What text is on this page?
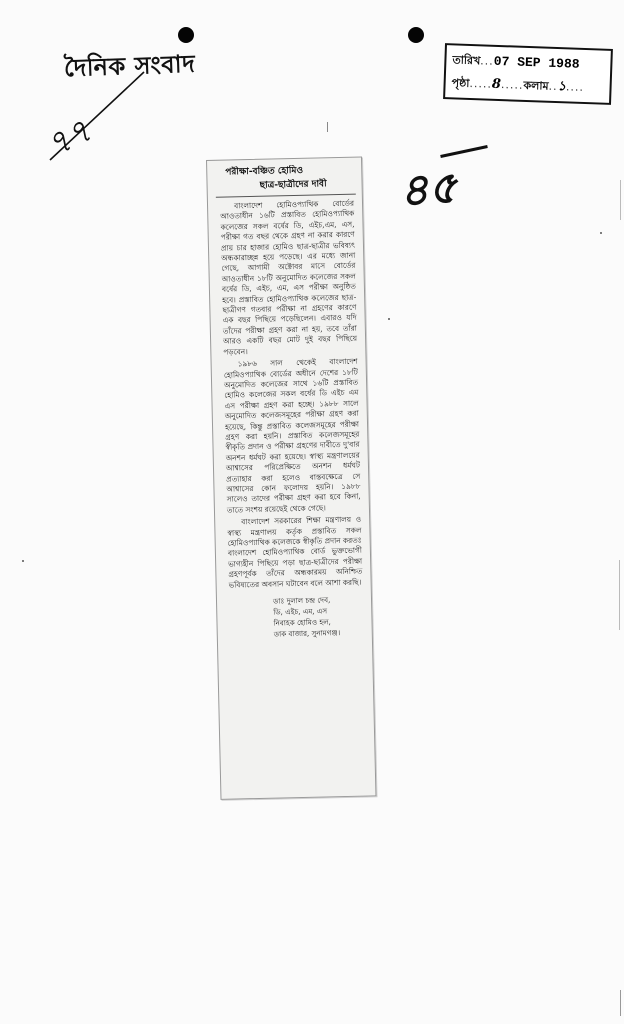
দৈনিক সংবাদ
৭৭
৪৫
তারিখ ... 07 SEP 1988
পৃষ্ঠা ..... 8 ..... কলাম .. ১ ....
পরীক্ষা-বঞ্চিত হোমিও
ছাত্র-ছাত্রীদের দাবী

বাংলাদেশ হোমিওপ্যাথিক বোর্ডের আওতাধীন ১৬টি প্রস্তাবিত হোমিওপ্যাথিক কলেজের সকল বর্ষের ডি, এইচ,এম, এস, পরীক্ষা গত বছর থেকে গ্রহণ না করার কারণে প্রায় চার হাজার হোমিও ছাত্র-ছাত্রীর ভবিষ্যৎ অন্ধকারাচ্ছন্ন হয়ে পড়েছে। এর মধ্যে জানা গেছে, আগামী অক্টোবর মাসে বোর্ডের আওতাধীন ১৮টি অনুমোদিত কলেজের সকল বর্ষের ডি, এইচ, এম, এস পরীক্ষা অনুষ্ঠিত হবে। প্রস্তাবিত হোমিওপ্যাথিক কলেজের ছাত্র-ছাত্রীগণ গতবার পরীক্ষা না গ্রহণের কারণে এক বছর পিছিয়ে পড়েছিলেন। এবারও যদি তাঁদের পরীক্ষা গ্রহণ করা না হয়, তবে তাঁরা আরও একটি বছর মোট দুই বছর পিছিয়ে পড়বেন।

১৯৮৬ সাল থেকেই বাংলাদেশ হোমিওপ্যাথিক বোর্ডের অধীনে দেশের ১৮টি অনুমোদিত কলেজের সাথে ১৬টি প্রস্তাবিত হোমিও কলেজের সকল বর্ষের ডি এইচ এম এস পরীক্ষা গ্রহণ করা হচ্ছে। ১৯৮৮ সালে অনুমোদিত কলেজসমূহের পরীক্ষা গ্রহণ করা হয়েছে, কিন্তু প্রস্তাবিত কলেজসমূহের পরীক্ষা গ্রহণ করা হয়নি। প্রস্তাবিত কলেজসমূহের স্বীকৃতি প্রদান ও পরীক্ষা গ্রহণের দাবীতে দু'বার অনশন ধর্মঘট করা হয়েছে। স্বাস্থ্য মন্ত্রণালয়ের আশ্বাসের পরিপ্রেক্ষিতে অনশন ধর্মঘট প্রত্যাহার করা হলেও বাস্তবক্ষেত্রে সে আশ্বাসের কোন ফলোদয় হয়নি। ১৯৮৮ সালেও তাদের পরীক্ষা গ্রহণ করা হবে কিনা, তাতে সংশয় রয়েছেই থেকে গেছে।

বাংলাদেশ সরকারের শিক্ষা মন্ত্রণালয় ও স্বাস্থ্য মন্ত্রণালয় কর্তৃক প্রস্তাবিত সকল হোমিওপ্যাথিক কলেজকে স্বীকৃতি প্রদান করতঃ বাংলাদেশ হোমিওপ্যাথিক বোর্ড ভুক্তভোগী ভাগ্যহীন পিছিয়ে পড়া ছাত্র-ছাত্রীদের পরীক্ষা গ্রহণপূর্বক তাঁদের অন্ধকারময় অনিশ্চিত ভবিষ্যতের অবসান ঘটাবেন বলে আশা করছি।

ডাঃ দুলাল চন্দ্র দেব,
ডি, এইচ, এম, এস
নিবাহক হোমিও হল,
ডাক বাজার, সুনামগঞ্জ।
